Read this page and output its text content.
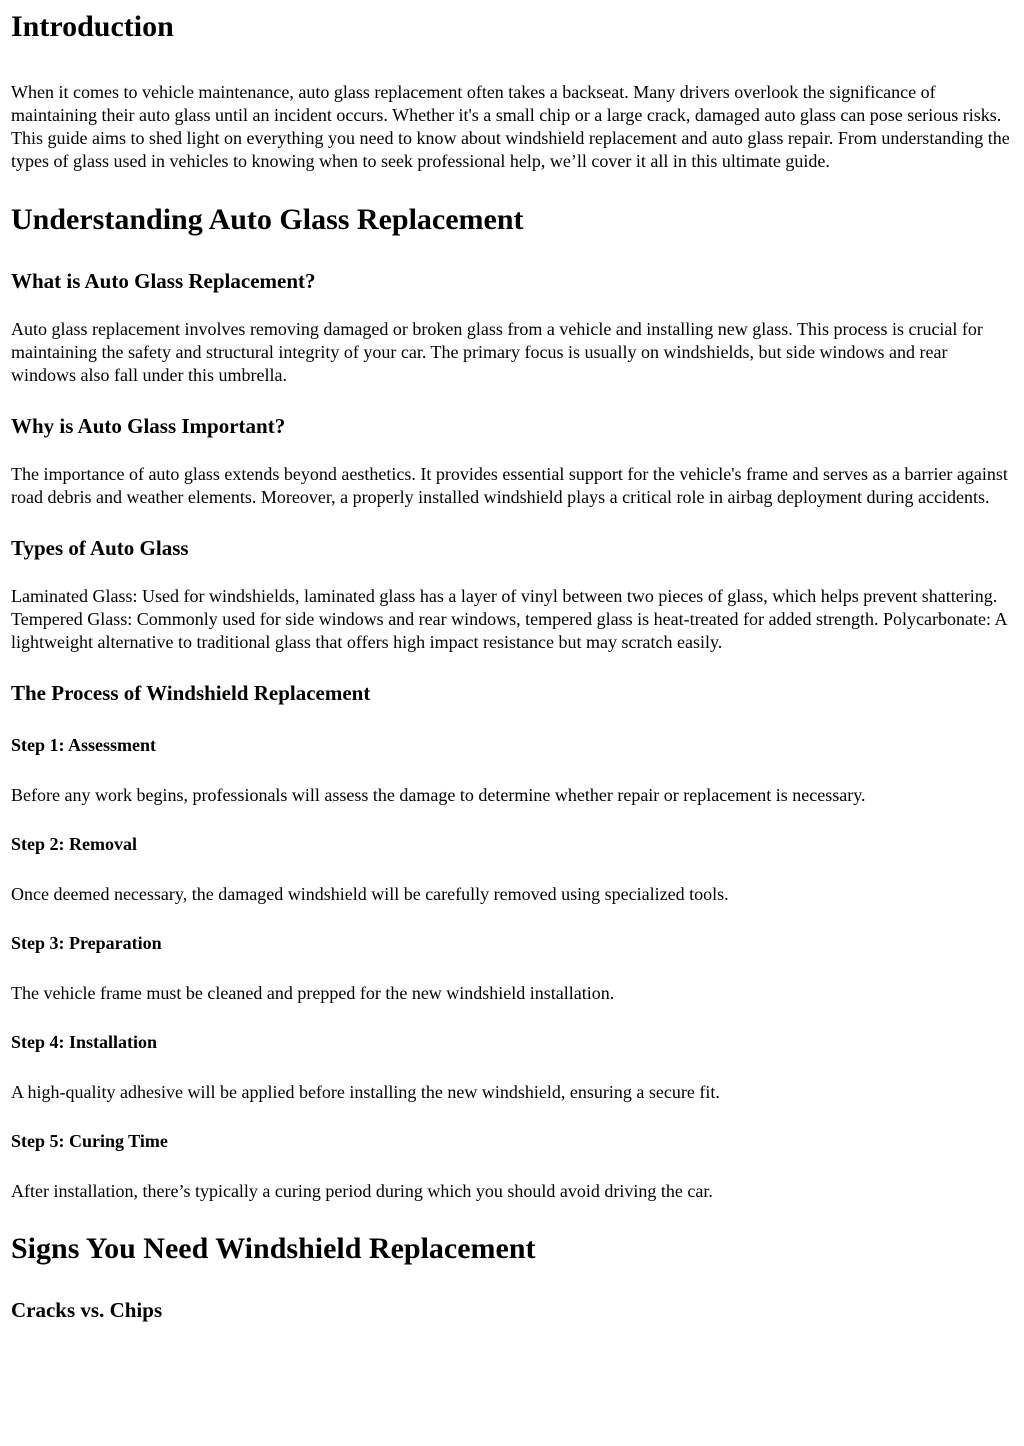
Introduction

When it comes to vehicle maintenance, auto glass replacement often takes a backseat. Many drivers overlook the significance of maintaining their auto glass until an incident occurs. Whether it's a small chip or a large crack, damaged auto glass can pose serious risks. This guide aims to shed light on everything you need to know about windshield replacement and auto glass repair. From understanding the types of glass used in vehicles to knowing when to seek professional help, we’ll cover it all in this ultimate guide.

Understanding Auto Glass Replacement
What is Auto Glass Replacement?

Auto glass replacement involves removing damaged or broken glass from a vehicle and installing new glass. This process is crucial for maintaining the safety and structural integrity of your car. The primary focus is usually on windshields, but side windows and rear windows also fall under this umbrella.

Why is Auto Glass Important?

The importance of auto glass extends beyond aesthetics. It provides essential support for the vehicle's frame and serves as a barrier against road debris and weather elements. Moreover, a properly installed windshield plays a critical role in airbag deployment during accidents.

Types of Auto Glass

Laminated Glass: Used for windshields, laminated glass has a layer of vinyl between two pieces of glass, which helps prevent shattering. Tempered Glass: Commonly used for side windows and rear windows, tempered glass is heat-treated for added strength. Polycarbonate: A lightweight alternative to traditional glass that offers high impact resistance but may scratch easily.

The Process of Windshield Replacement
Step 1: Assessment

Before any work begins, professionals will assess the damage to determine whether repair or replacement is necessary.

Step 2: Removal

Once deemed necessary, the damaged windshield will be carefully removed using specialized tools.

Step 3: Preparation

The vehicle frame must be cleaned and prepped for the new windshield installation.

Step 4: Installation

A high-quality adhesive will be applied before installing the new windshield, ensuring a secure fit.

Step 5: Curing Time

After installation, there’s typically a curing period during which you should avoid driving the car.

Signs You Need Windshield Replacement
Cracks vs. Chips
